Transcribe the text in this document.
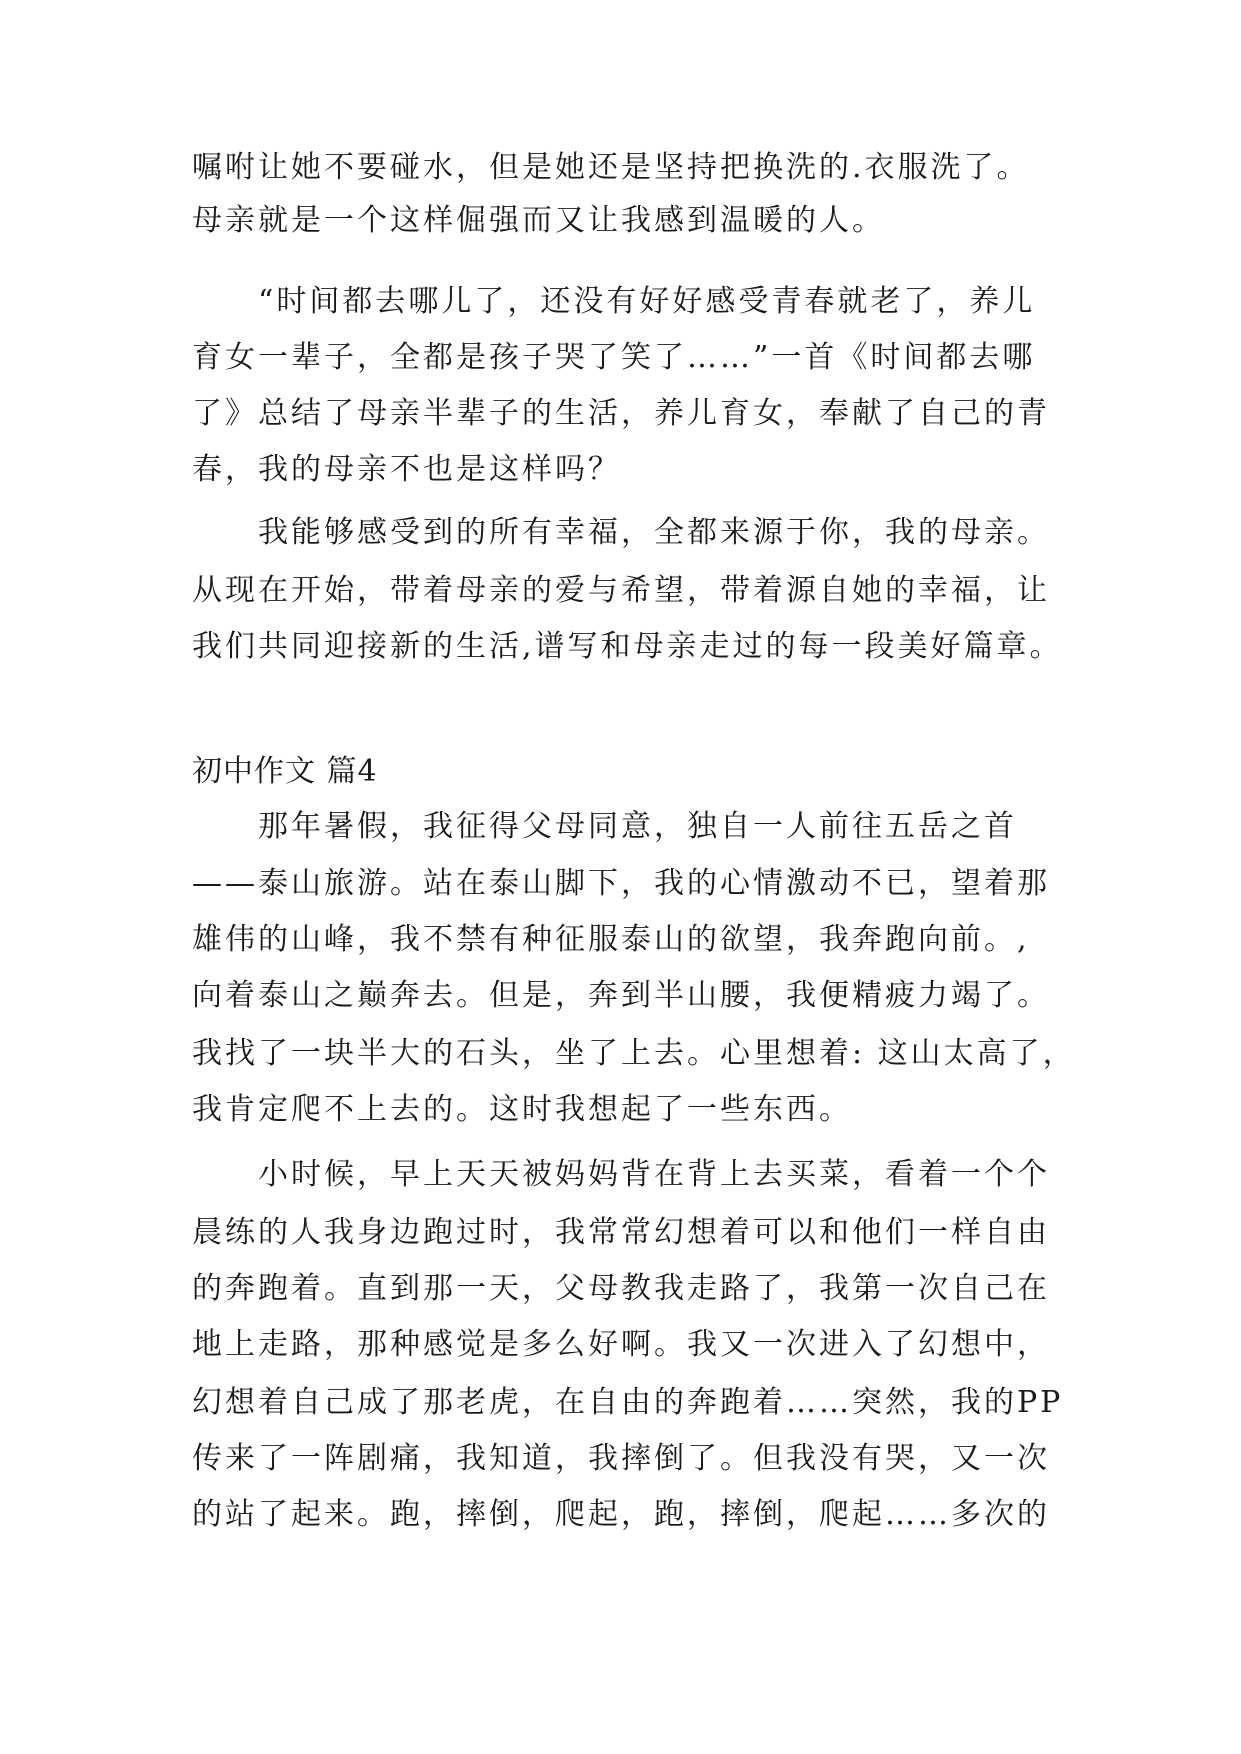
嘱咐让她不要碰水，但是她还是坚持把换洗的.衣服洗了。
母亲就是一个这样倔强而又让我感到温暖的人。
“时间都去哪儿了，还没有好好感受青春就老了，养儿
育女一辈子，全都是孩子哭了笑了……”一首《时间都去哪
了》总结了母亲半辈子的生活，养儿育女，奉献了自己的青
春，我的母亲不也是这样吗？
我能够感受到的所有幸福，全都来源于你，我的母亲。
从现在开始，带着母亲的爱与希望，带着源自她的幸福，让
我们共同迎接新的生活,谱写和母亲走过的每一段美好篇章。
初中作文 篇4
那年暑假，我征得父母同意，独自一人前往五岳之首
——泰山旅游。站在泰山脚下，我的心情激动不已，望着那
雄伟的山峰，我不禁有种征服泰山的欲望，我奔跑向前。,
向着泰山之巅奔去。但是，奔到半山腰，我便精疲力竭了。
我找了一块半大的石头，坐了上去。心里想着: 这山太高了，
我肯定爬不上去的。这时我想起了一些东西。
小时候，早上天天被妈妈背在背上去买菜，看着一个个
晨练的人我身边跑过时，我常常幻想着可以和他们一样自由
的奔跑着。直到那一天，父母教我走路了，我第一次自己在
地上走路，那种感觉是多么好啊。我又一次进入了幻想中，
幻想着自己成了那老虎，在自由的奔跑着……突然，我的PP
传来了一阵剧痛，我知道，我摔倒了。但我没有哭，又一次
的站了起来。跑，摔倒，爬起，跑，摔倒，爬起……多次的
